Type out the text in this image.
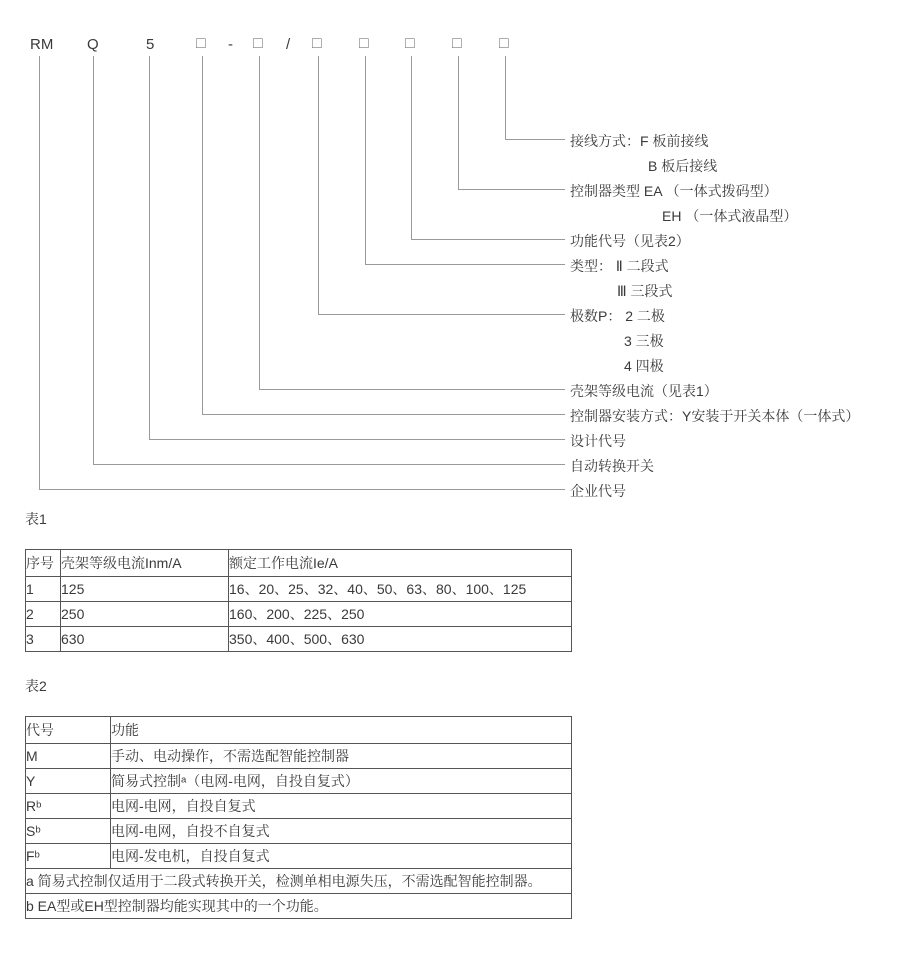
RM Q	5	□ - □ / □ □ □ □ □
接线方式：F 板前接线
B 板后接线
控制器类型 EA （一体式拨码型）
EH （一体式液晶型）
功能代号（见表2）
类型： Ⅱ 二段式
Ⅲ 三段式
极数P： 2 二极
3 三极
4 四极
壳架等级电流（见表1）
控制器安装方式：Y安装于开关本体（一体式）
设计代号
自动转换开关
企业代号
表1
序号	壳架等级电流Inm/A	额定工作电流Ie/A
1	125	16、20、25、32、40、50、63、80、100、125
2	250	160、200、225、250
3	630	350、400、500、630
表2
代号	功能
M	手动、电动操作，不需选配智能控制器
Y	简易式控制ᵃ（电网-电网，自投自复式）
Rᵇ	电网-电网，自投自复式
Sᵇ	电网-电网，自投不自复式
Fᵇ	电网-发电机，自投自复式
a 简易式控制仅适用于二段式转换开关，检测单相电源失压，不需选配智能控制器。	
b EA型或EH型控制器均能实现其中的一个功能。	
